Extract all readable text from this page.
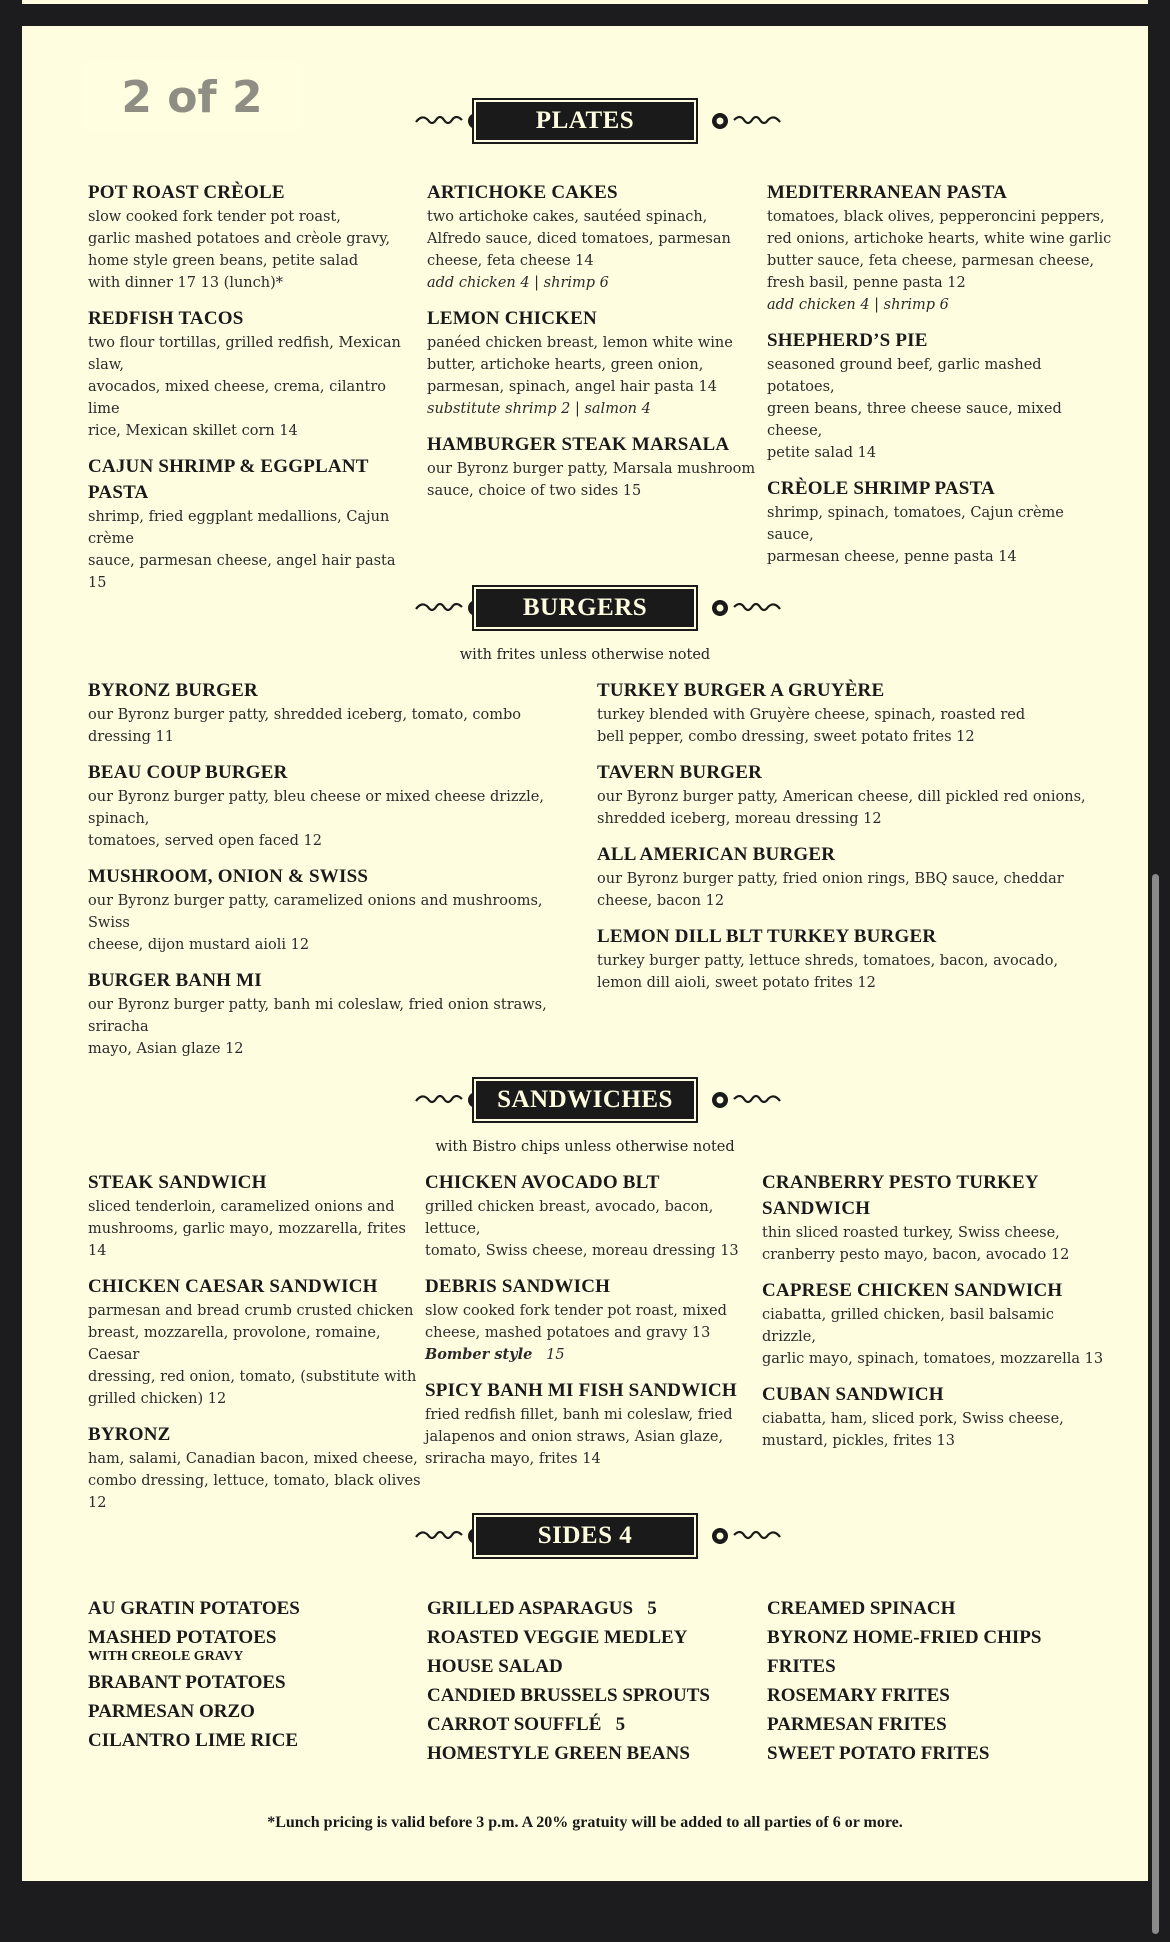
2 of 2	PLATES
POT ROAST CRÈOLE
slow cooked fork tender pot roast,
garlic mashed potatoes and crèole gravy,
home style green beans, petite salad
with dinner 17 13 (lunch)*
REDFISH TACOS
two flour tortillas, grilled redfish, Mexican slaw,
avocados, mixed cheese, crema, cilantro lime
rice, Mexican skillet corn 14
CAJUN SHRIMP & EGGPLANT PASTA
shrimp, fried eggplant medallions, Cajun crème
sauce, parmesan cheese, angel hair pasta 15
ARTICHOKE CAKES
two artichoke cakes, sautéed spinach,
Alfredo sauce, diced tomatoes, parmesan
cheese, feta cheese 14
add chicken 4 | shrimp 6
LEMON CHICKEN
panéed chicken breast, lemon white wine
butter, artichoke hearts, green onion,
parmesan, spinach, angel hair pasta 14
substitute shrimp 2 | salmon 4
HAMBURGER STEAK MARSALA
our Byronz burger patty, Marsala mushroom
sauce, choice of two sides 15
MEDITERRANEAN PASTA
tomatoes, black olives, pepperoncini peppers,
red onions, artichoke hearts, white wine garlic
butter sauce, feta cheese, parmesan cheese,
fresh basil, penne pasta 12
add chicken 4 | shrimp 6
SHEPHERD’S PIE
seasoned ground beef, garlic mashed potatoes,
green beans, three cheese sauce, mixed cheese,
petite salad 14
CRÈOLE SHRIMP PASTA
shrimp, spinach, tomatoes, Cajun crème sauce,
parmesan cheese, penne pasta 14
BURGERS
with frites unless otherwise noted
BYRONZ BURGER
our Byronz burger patty, shredded iceberg, tomato, combo dressing 11
BEAU COUP BURGER
our Byronz burger patty, bleu cheese or mixed cheese drizzle, spinach,
tomatoes, served open faced 12
MUSHROOM, ONION & SWISS
our Byronz burger patty, caramelized onions and mushrooms, Swiss
cheese, dijon mustard aioli 12
BURGER BANH MI
our Byronz burger patty, banh mi coleslaw, fried onion straws, sriracha
mayo, Asian glaze 12
TURKEY BURGER A GRUYÈRE
turkey blended with Gruyère cheese, spinach, roasted red
bell pepper, combo dressing, sweet potato frites 12
TAVERN BURGER
our Byronz burger patty, American cheese, dill pickled red onions,
shredded iceberg, moreau dressing 12
ALL AMERICAN BURGER
our Byronz burger patty, fried onion rings, BBQ sauce, cheddar
cheese, bacon 12
LEMON DILL BLT TURKEY BURGER
turkey burger patty, lettuce shreds, tomatoes, bacon, avocado,
lemon dill aioli, sweet potato frites 12
SANDWICHES
with Bistro chips unless otherwise noted
STEAK SANDWICH
sliced tenderloin, caramelized onions and
mushrooms, garlic mayo, mozzarella, frites 14
CHICKEN CAESAR SANDWICH
parmesan and bread crumb crusted chicken
breast, mozzarella, provolone, romaine, Caesar
dressing, red onion, tomato, (substitute with
grilled chicken) 12
BYRONZ
ham, salami, Canadian bacon, mixed cheese,
combo dressing, lettuce, tomato, black olives 12
CHICKEN AVOCADO BLT
grilled chicken breast, avocado, bacon, lettuce,
tomato, Swiss cheese, moreau dressing 13
DEBRIS SANDWICH
slow cooked fork tender pot roast, mixed
cheese, mashed potatoes and gravy 13
Bomber style 15
SPICY BANH MI FISH SANDWICH
fried redfish fillet, banh mi coleslaw, fried
jalapenos and onion straws, Asian glaze,
sriracha mayo, frites 14
CRANBERRY PESTO TURKEY
SANDWICH
thin sliced roasted turkey, Swiss cheese,
cranberry pesto mayo, bacon, avocado 12
CAPRESE CHICKEN SANDWICH
ciabatta, grilled chicken, basil balsamic drizzle,
garlic mayo, spinach, tomatoes, mozzarella 13
CUBAN SANDWICH
ciabatta, ham, sliced pork, Swiss cheese,
mustard, pickles, frites 13
SIDES 4
AU GRATIN POTATOES
MASHED POTATOES
WITH CREOLE GRAVY
BRABANT POTATOES
PARMESAN ORZO
CILANTRO LIME RICE
GRILLED ASPARAGUS   5
ROASTED VEGGIE MEDLEY
HOUSE SALAD
CANDIED BRUSSELS SPROUTS
CARROT SOUFFLÉ   5
HOMESTYLE GREEN BEANS
CREAMED SPINACH
BYRONZ HOME-FRIED CHIPS
FRITES
ROSEMARY FRITES
PARMESAN FRITES
SWEET POTATO FRITES
*Lunch pricing is valid before 3 p.m. A 20% gratuity will be added to all parties of 6 or more.
